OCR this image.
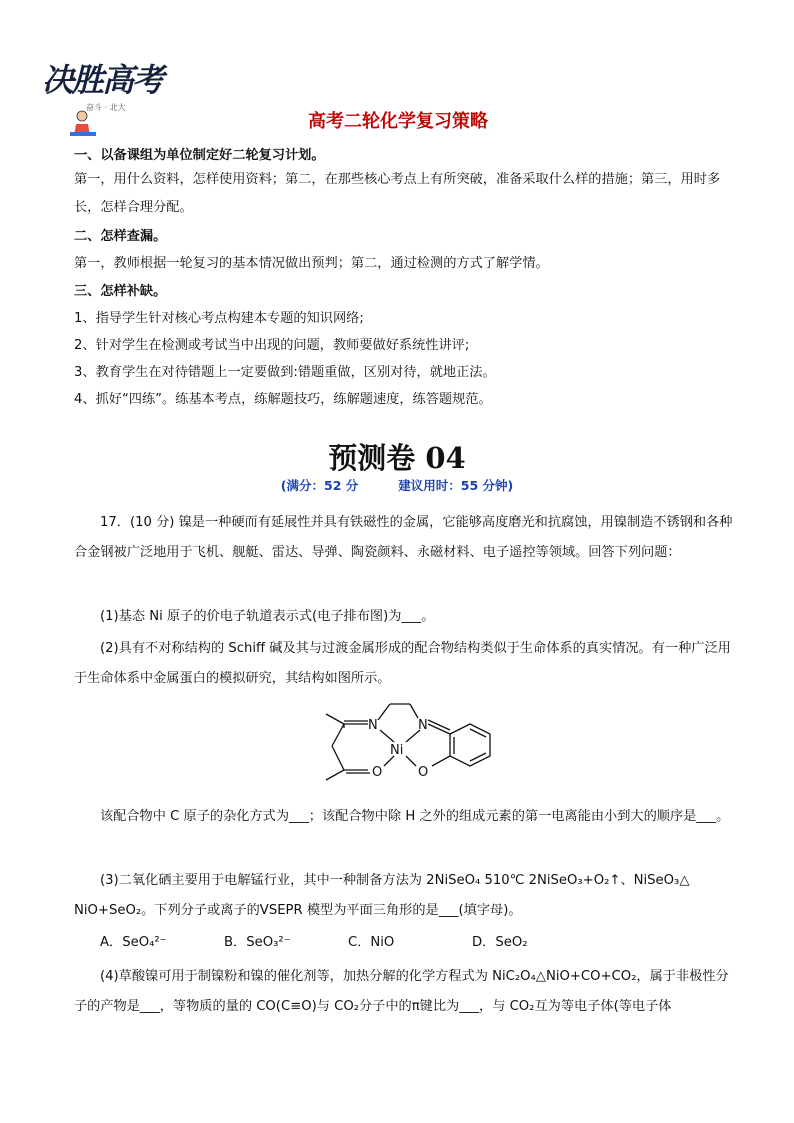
决胜高考
奋斗 · 北大
高考二轮化学复习策略
一、以备课组为单位制定好二轮复习计划。
第一，用什么资料，怎样使用资料；第二，在那些核心考点上有所突破，准备采取什么样的措施；第三，用时多长，怎样合理分配。
二、怎样查漏。
第一，教师根据一轮复习的基本情况做出预判；第二，通过检测的方式了解学情。
三、怎样补缺。
1、指导学生针对核心考点构建本专题的知识网络;
2、针对学生在检测或考试当中出现的问题，教师要做好系统性讲评;
3、教育学生在对待错题上一定要做到:错题重做，区别对待，就地正法。
4、抓好“四练”。练基本考点，练解题技巧，练解题速度，练答题规范。
预测卷 04
(满分：52 分	建议用时：55 分钟)
17．(10 分) 镍是一种硬而有延展性并具有铁磁性的金属，它能够高度磨光和抗腐蚀，用镍制造不锈钢和各种合金钢被广泛地用于飞机、舰艇、雷达、导弹、陶瓷颜料、永磁材料、电子遥控等领域。回答下列问题：
(1)基态 Ni 原子的价电子轨道表示式(电子排布图)为___。
(2)具有不对称结构的 Schiff 碱及其与过渡金属形成的配合物结构类似于生命体系的真实情况。有一种广泛用于生命体系中金属蛋白的模拟研究，其结构如图所示。
N	N
Ni
O	O
该配合物中 C 原子的杂化方式为___；该配合物中除 H 之外的组成元素的第一电离能由小到大的顺序是___。
(3)二氧化硒主要用于电解锰行业，其中一种制备方法为 2NiSeO₄ 510℃ 2NiSeO₃+O₂↑、NiSeO₃△ NiO+SeO₂。下列分子或离子的VSEPR 模型为平面三角形的是___(填字母)。
A．SeO₄²⁻	B．SeO₃²⁻	C．NiO	D．SeO₂
(4)草酸镍可用于制镍粉和镍的催化剂等，加热分解的化学方程式为 NiC₂O₄△NiO+CO+CO₂，属于非极性分子的产物是___，等物质的量的 CO(C≡O)与 CO₂分子中的π键比为___，与 CO₂互为等电子体(等电子体
